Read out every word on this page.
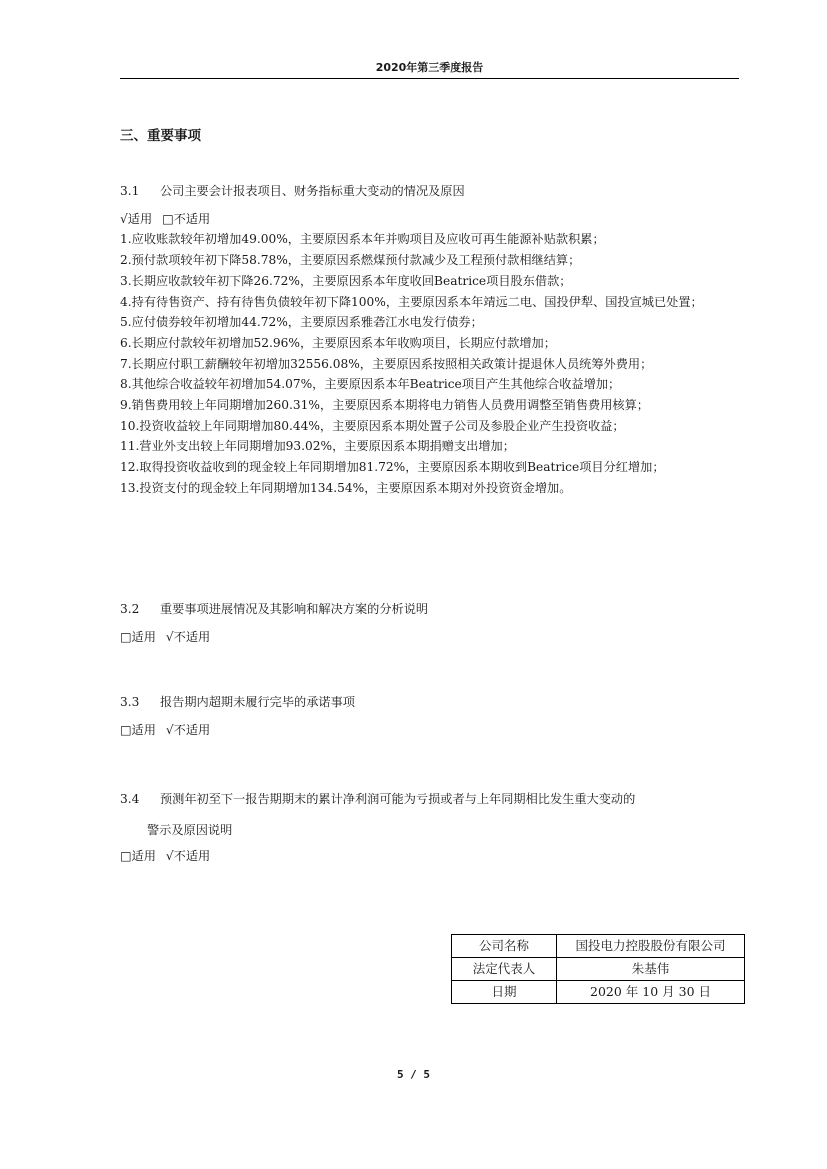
2020年第三季度报告
三、重要事项
3.1 公司主要会计报表项目、财务指标重大变动的情况及原因
√适用 □不适用
1.应收账款较年初增加49.00%，主要原因系本年并购项目及应收可再生能源补贴款积累；
2.预付款项较年初下降58.78%，主要原因系燃煤预付款减少及工程预付款相继结算；
3.长期应收款较年初下降26.72%，主要原因系本年度收回Beatrice项目股东借款；
4.持有待售资产、持有待售负债较年初下降100%，主要原因系本年靖远二电、国投伊犁、国投宣城已处置；
5.应付债券较年初增加44.72%，主要原因系雅砻江水电发行债券；
6.长期应付款较年初增加52.96%，主要原因系本年收购项目，长期应付款增加；
7.长期应付职工薪酬较年初增加32556.08%，主要原因系按照相关政策计提退休人员统筹外费用；
8.其他综合收益较年初增加54.07%，主要原因系本年Beatrice项目产生其他综合收益增加；
9.销售费用较上年同期增加260.31%，主要原因系本期将电力销售人员费用调整至销售费用核算；
10.投资收益较上年同期增加80.44%，主要原因系本期处置子公司及参股企业产生投资收益；
11.营业外支出较上年同期增加93.02%，主要原因系本期捐赠支出增加；
12.取得投资收益收到的现金较上年同期增加81.72%，主要原因系本期收到Beatrice项目分红增加；
13.投资支付的现金较上年同期增加134.54%，主要原因系本期对外投资资金增加。
3.2 重要事项进展情况及其影响和解决方案的分析说明
□适用 √不适用
3.3 报告期内超期未履行完毕的承诺事项
□适用 √不适用
3.4 预测年初至下一报告期期末的累计净利润可能为亏损或者与上年同期相比发生重大变动的
警示及原因说明
□适用 √不适用
公司名称	国投电力控股股份有限公司
法定代表人	朱基伟
日期	2020 年 10 月 30 日
5 / 5
